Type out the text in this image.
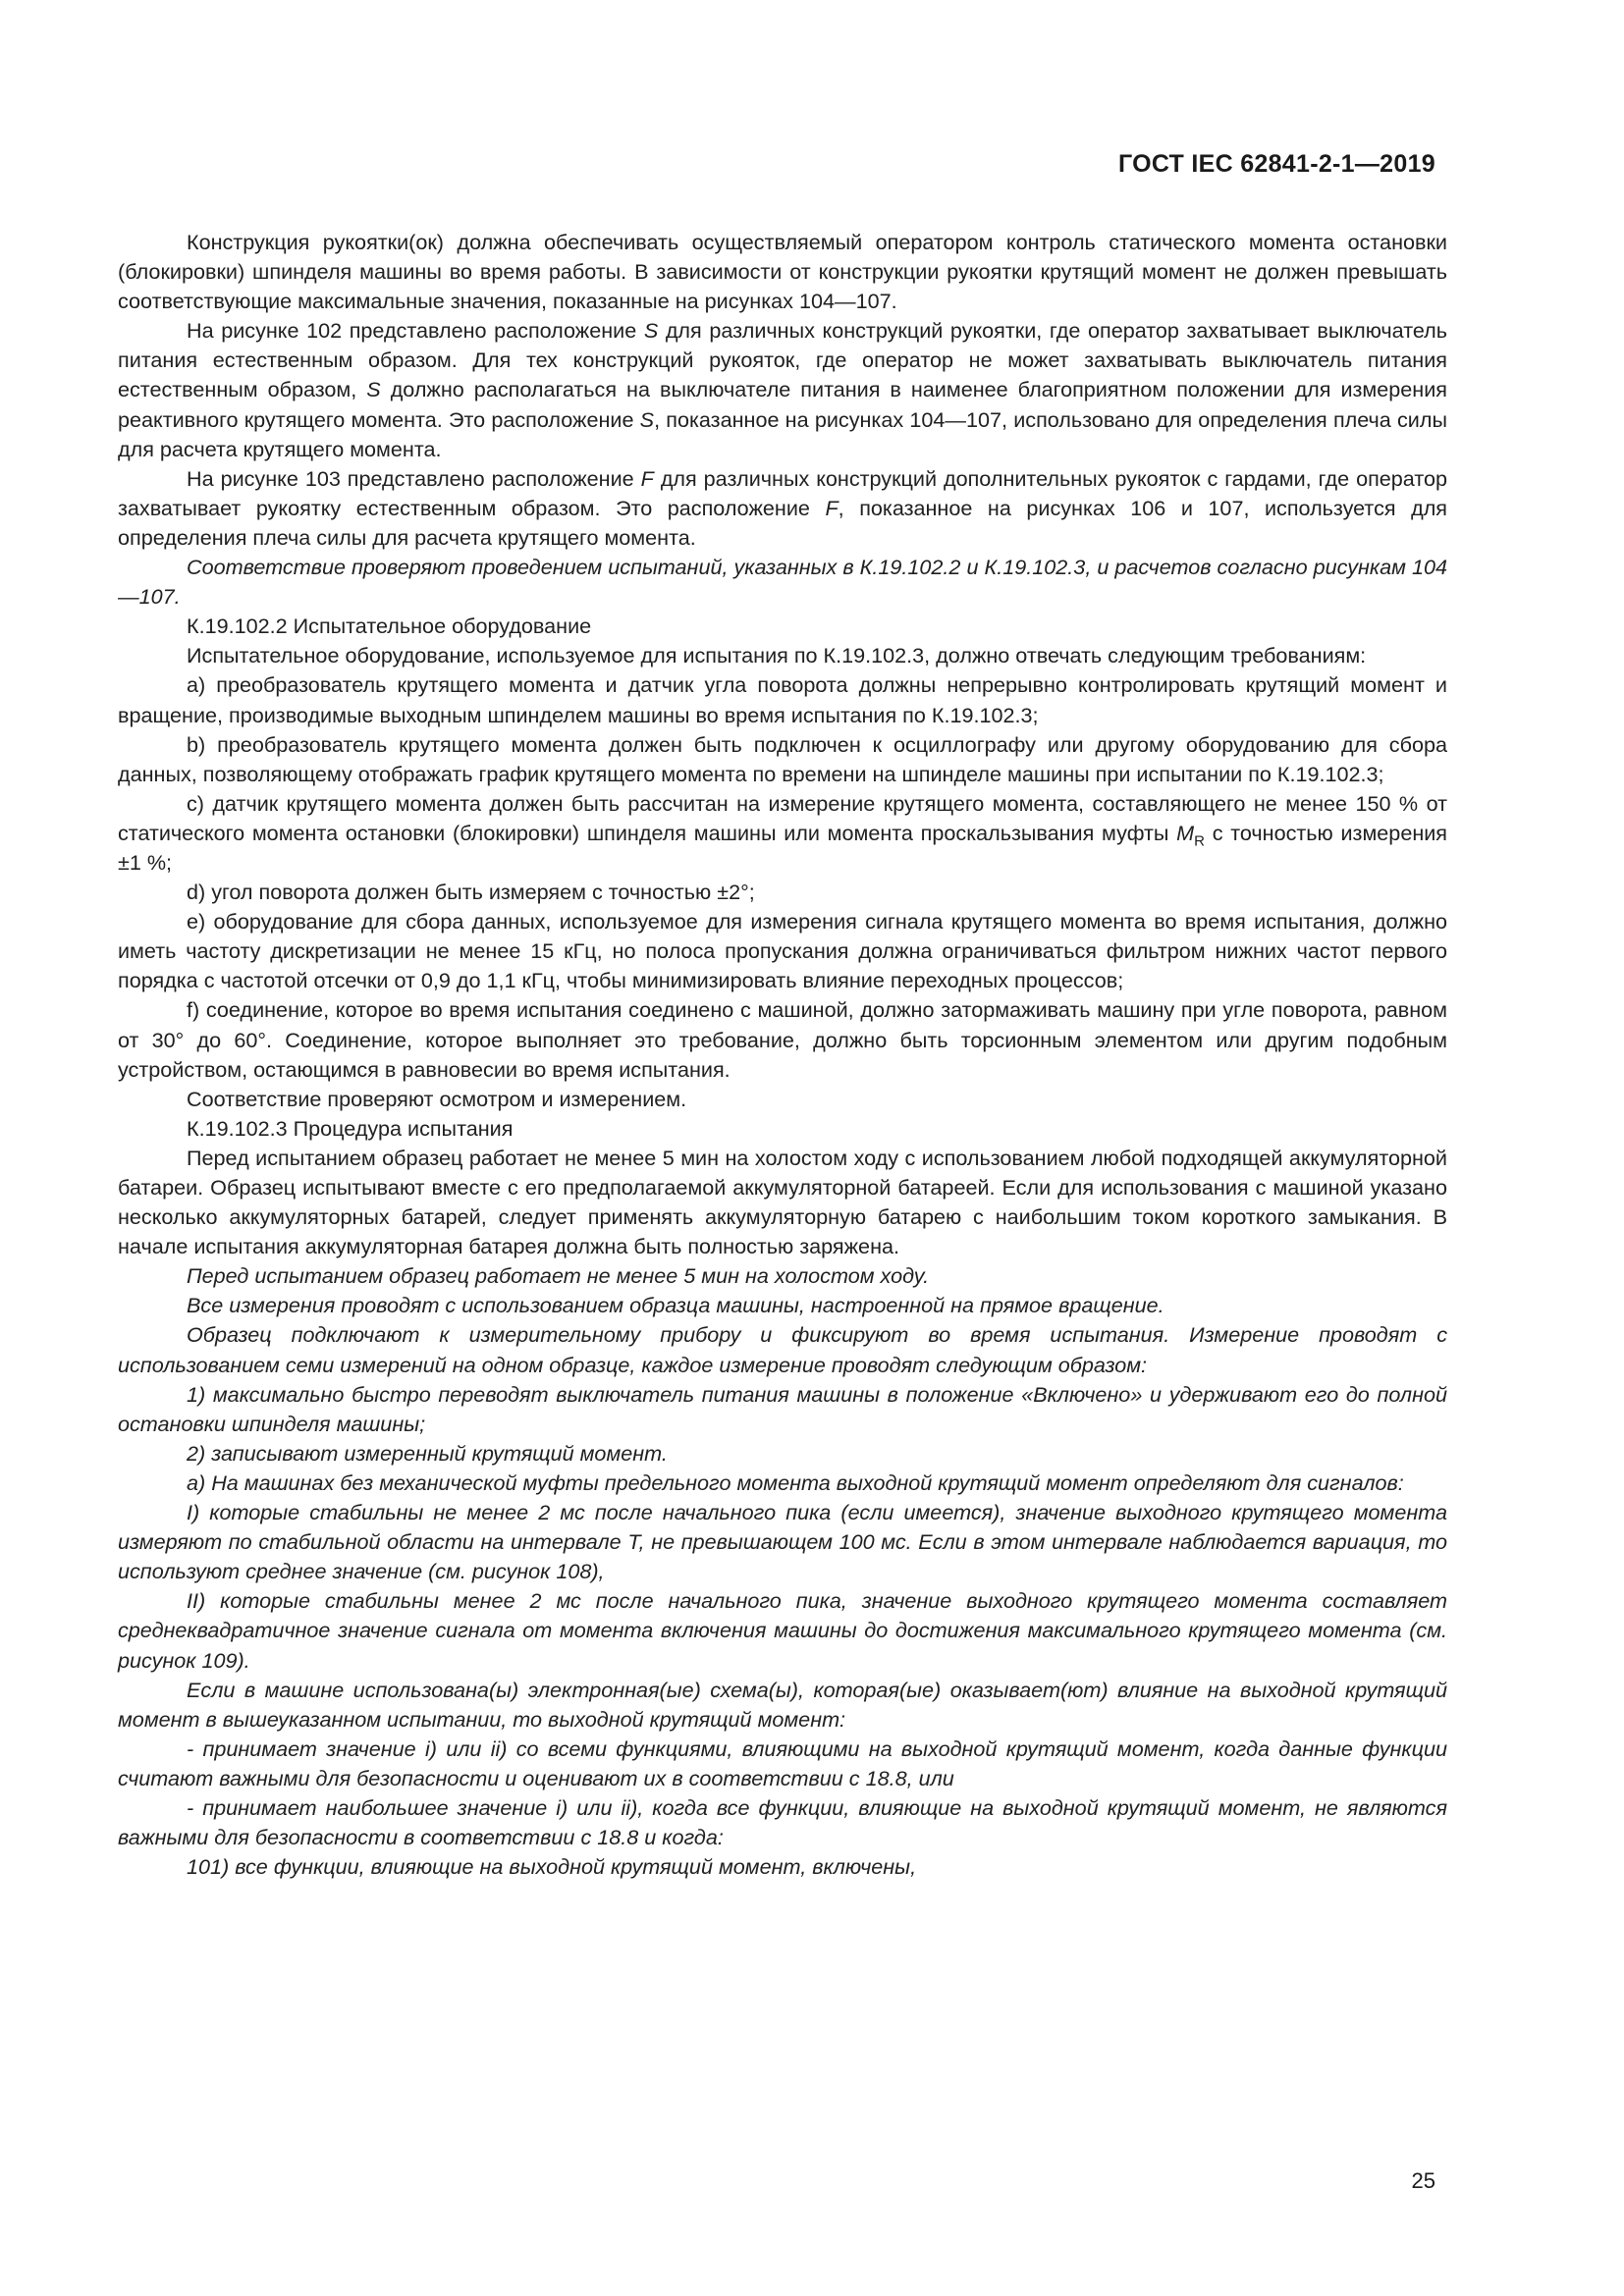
ГОСТ IEC 62841-2-1—2019

Конструкция рукоятки(ок) должна обеспечивать осуществляемый оператором контроль статического момента остановки (блокировки) шпинделя машины во время работы. В зависимости от конструкции рукоятки крутящий момент не должен превышать соответствующие максимальные значения, показанные на рисунках 104—107.

На рисунке 102 представлено расположение S для различных конструкций рукоятки, где оператор захватывает выключатель питания естественным образом. Для тех конструкций рукояток, где оператор не может захватывать выключатель питания естественным образом, S должно располагаться на выключателе питания в наименее благоприятном положении для измерения реактивного крутящего момента. Это расположение S, показанное на рисунках 104—107, использовано для определения плеча силы для расчета крутящего момента.

На рисунке 103 представлено расположение F для различных конструкций дополнительных рукояток с гардами, где оператор захватывает рукоятку естественным образом. Это расположение F, показанное на рисунках 106 и 107, используется для определения плеча силы для расчета крутящего момента.

Соответствие проверяют проведением испытаний, указанных в К.19.102.2 и К.19.102.3, и расчетов согласно рисункам 104—107.

К.19.102.2 Испытательное оборудование

Испытательное оборудование, используемое для испытания по К.19.102.3, должно отвечать следующим требованиям:

a) преобразователь крутящего момента и датчик угла поворота должны непрерывно контролировать крутящий момент и вращение, производимые выходным шпинделем машины во время испытания по К.19.102.3;

b) преобразователь крутящего момента должен быть подключен к осциллографу или другому оборудованию для сбора данных, позволяющему отображать график крутящего момента по времени на шпинделе машины при испытании по К.19.102.3;

c) датчик крутящего момента должен быть рассчитан на измерение крутящего момента, составляющего не менее 150 % от статического момента остановки (блокировки) шпинделя машины или момента проскальзывания муфты $M_R$ с точностью измерения ±1 %;

d) угол поворота должен быть измеряем с точностью ±2°;

e) оборудование для сбора данных, используемое для измерения сигнала крутящего момента во время испытания, должно иметь частоту дискретизации не менее 15 кГц, но полоса пропускания должна ограничиваться фильтром нижних частот первого порядка с частотой отсечки от 0,9 до 1,1 кГц, чтобы минимизировать влияние переходных процессов;

f) соединение, которое во время испытания соединено с машиной, должно затормаживать машину при угле поворота, равном от 30° до 60°. Соединение, которое выполняет это требование, должно быть торсионным элементом или другим подобным устройством, остающимся в равновесии во время испытания.

Соответствие проверяют осмотром и измерением.

К.19.102.3 Процедура испытания

Перед испытанием образец работает не менее 5 мин на холостом ходу с использованием любой подходящей аккумуляторной батареи. Образец испытывают вместе с его предполагаемой аккумуляторной батареей. Если для использования с машиной указано несколько аккумуляторных батарей, следует применять аккумуляторную батарею с наибольшим током короткого замыкания. В начале испытания аккумуляторная батарея должна быть полностью заряжена.

Перед испытанием образец работает не менее 5 мин на холостом ходу.

Все измерения проводят с использованием образца машины, настроенной на прямое вращение.

Образец подключают к измерительному прибору и фиксируют во время испытания. Измерение проводят с использованием семи измерений на одном образце, каждое измерение проводят следующим образом:

1) максимально быстро переводят выключатель питания машины в положение «Включено» и удерживают его до полной остановки шпинделя машины;

2) записывают измеренный крутящий момент.

a) На машинах без механической муфты предельного момента выходной крутящий момент определяют для сигналов:

I) которые стабильны не менее 2 мс после начального пика (если имеется), значение выходного крутящего момента измеряют по стабильной области на интервале T, не превышающем 100 мс. Если в этом интервале наблюдается вариация, то используют среднее значение (см. рисунок 108),

II) которые стабильны менее 2 мс после начального пика, значение выходного крутящего момента составляет среднеквадратичное значение сигнала от момента включения машины до достижения максимального крутящего момента (см. рисунок 109).

Если в машине использована(ы) электронная(ые) схема(ы), которая(ые) оказывает(ют) влияние на выходной крутящий момент в вышеуказанном испытании, то выходной крутящий момент:

- принимает значение i) или ii) со всеми функциями, влияющими на выходной крутящий момент, когда данные функции считают важными для безопасности и оценивают их в соответствии с 18.8, или

- принимает наибольшее значение i) или ii), когда все функции, влияющие на выходной крутящий момент, не являются важными для безопасности в соответствии с 18.8 и когда:

101) все функции, влияющие на выходной крутящий момент, включены,

25
